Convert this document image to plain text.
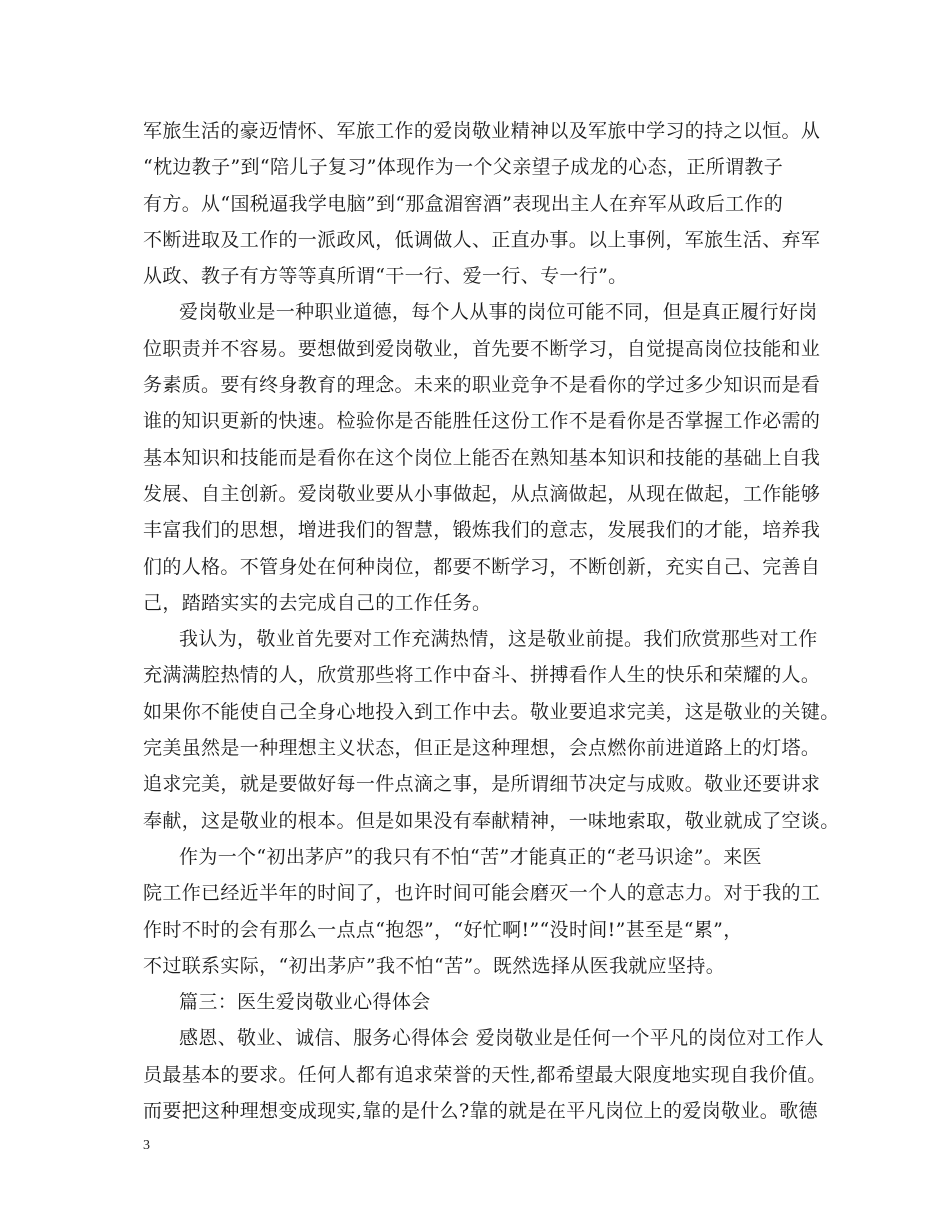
军旅生活的豪迈情怀、军旅工作的爱岗敬业精神以及军旅中学习的持之以恒。从
“枕边教子”到“陪儿子复习”体现作为一个父亲望子成龙的心态，正所谓教子
有方。从“国税逼我学电脑”到“那盒湄窖酒”表现出主人在弃军从政后工作的
不断进取及工作的一派政风，低调做人、正直办事。以上事例，军旅生活、弃军
从政、教子有方等等真所谓“干一行、爱一行、专一行”。
爱岗敬业是一种职业道德，每个人从事的岗位可能不同，但是真正履行好岗
位职责并不容易。要想做到爱岗敬业，首先要不断学习，自觉提高岗位技能和业
务素质。要有终身教育的理念。未来的职业竞争不是看你的学过多少知识而是看
谁的知识更新的快速。检验你是否能胜任这份工作不是看你是否掌握工作必需的
基本知识和技能而是看你在这个岗位上能否在熟知基本知识和技能的基础上自我
发展、自主创新。爱岗敬业要从小事做起，从点滴做起，从现在做起，工作能够
丰富我们的思想，增进我们的智慧，锻炼我们的意志，发展我们的才能，培养我
们的人格。不管身处在何种岗位，都要不断学习，不断创新，充实自己、完善自
己，踏踏实实的去完成自己的工作任务。
我认为，敬业首先要对工作充满热情，这是敬业前提。我们欣赏那些对工作
充满满腔热情的人，欣赏那些将工作中奋斗、拼搏看作人生的快乐和荣耀的人。
如果你不能使自己全身心地投入到工作中去。敬业要追求完美，这是敬业的关键。
完美虽然是一种理想主义状态，但正是这种理想，会点燃你前进道路上的灯塔。
追求完美，就是要做好每一件点滴之事，是所谓细节决定与成败。敬业还要讲求
奉献，这是敬业的根本。但是如果没有奉献精神，一味地索取，敬业就成了空谈。
作为一个“初出茅庐”的我只有不怕“苦”才能真正的“老马识途”。来医
院工作已经近半年的时间了，也许时间可能会磨灭一个人的意志力。对于我的工
作时不时的会有那么一点点“抱怨”，“好忙啊!”“没时间!”甚至是“累”，
不过联系实际，“初出茅庐”我不怕“苦”。既然选择从医我就应坚持。
篇三：医生爱岗敬业心得体会
感恩、敬业、诚信、服务心得体会 爱岗敬业是任何一个平凡的岗位对工作人
员最基本的要求。任何人都有追求荣誉的天性,都希望最大限度地实现自我价值。
而要把这种理想变成现实,靠的是什么?靠的就是在平凡岗位上的爱岗敬业。歌德
3
